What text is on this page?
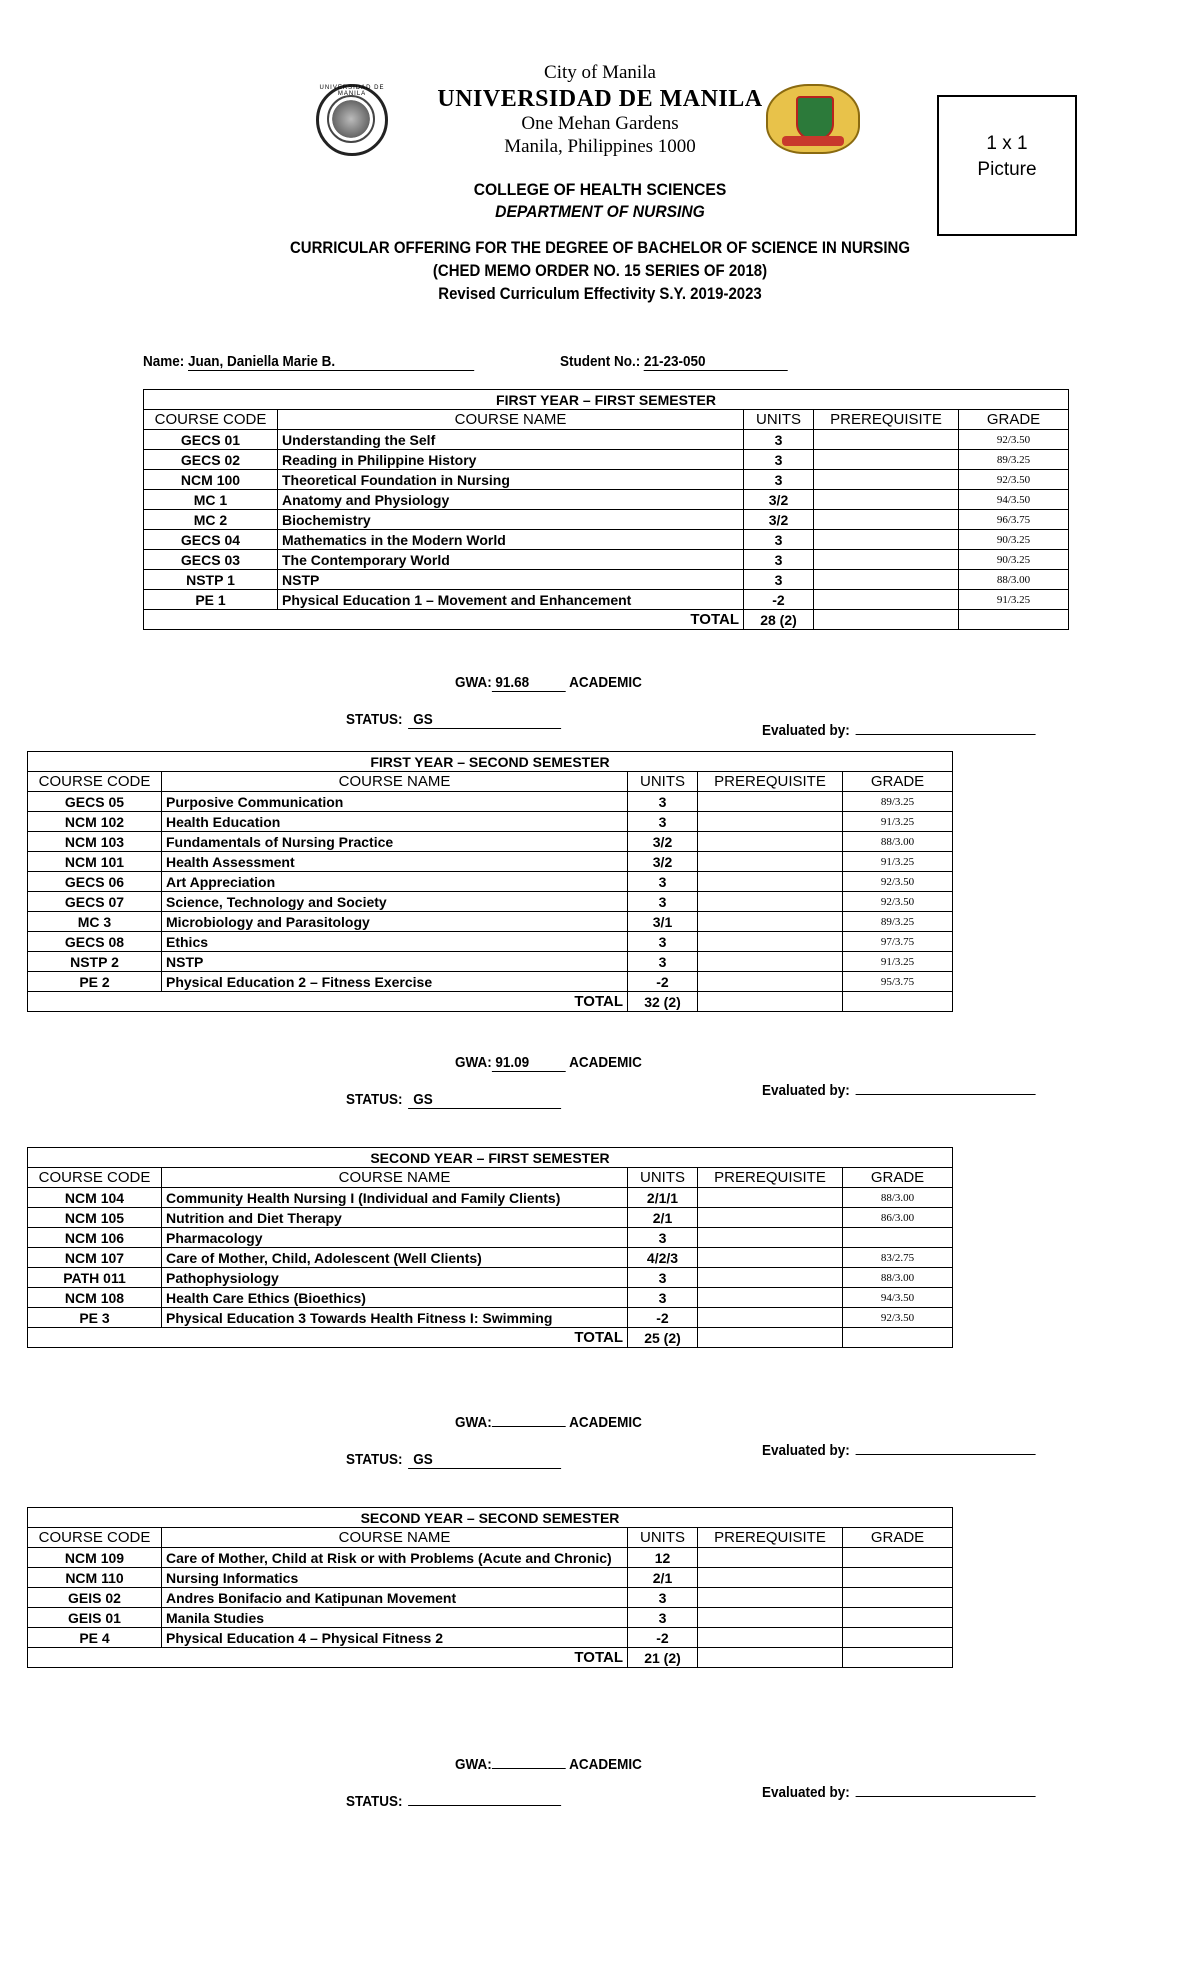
UNIVERSIDAD DE MANILA
City of Manila
UNIVERSIDAD DE MANILA
One Mehan Gardens
Manila, Philippines 1000
COLLEGE OF HEALTH SCIENCES
DEPARTMENT OF NURSING
CURRICULAR OFFERING FOR THE DEGREE OF BACHELOR OF SCIENCE IN NURSING
(CHED MEMO ORDER NO. 15 SERIES OF 2018)
Revised Curriculum Effectivity S.Y. 2019-2023
1 x 1
Picture
Name: Juan, Daniella Marie B.	Student No.: 21-23-050
FIRST YEAR – FIRST SEMESTER				
COURSE CODE	COURSE NAME	UNITS	PREREQUISITE	GRADE
GECS 01	Understanding the Self	3		92/3.50
GECS 02	Reading in Philippine History	3		89/3.25
NCM 100	Theoretical Foundation in Nursing	3		92/3.50
MC 1	Anatomy and Physiology	3/2		94/3.50
MC 2	Biochemistry	3/2		96/3.75
GECS 04	Mathematics in the Modern World	3		90/3.25
GECS 03	The Contemporary World	3		90/3.25
NSTP 1	NSTP	3		88/3.00
PE 1	Physical Education 1 – Movement and Enhancement	-2		91/3.25
TOTAL		28 (2)		
GWA: 91.68	ACADEMIC
STATUS: GS
Evaluated by:
FIRST YEAR – SECOND SEMESTER				
COURSE CODE	COURSE NAME	UNITS	PREREQUISITE	GRADE
GECS 05	Purposive Communication	3		89/3.25
NCM 102	Health Education	3		91/3.25
NCM 103	Fundamentals of Nursing Practice	3/2		88/3.00
NCM 101	Health Assessment	3/2		91/3.25
GECS 06	Art Appreciation	3		92/3.50
GECS 07	Science, Technology and Society	3		92/3.50
MC 3	Microbiology and Parasitology	3/1		89/3.25
GECS 08	Ethics	3		97/3.75
NSTP 2	NSTP	3		91/3.25
PE 2	Physical Education 2 – Fitness Exercise	-2		95/3.75
TOTAL		32 (2)		
GWA: 91.09	ACADEMIC
STATUS: GS
Evaluated by:
SECOND YEAR – FIRST SEMESTER				
COURSE CODE	COURSE NAME	UNITS	PREREQUISITE	GRADE
NCM 104	Community Health Nursing I (Individual and Family Clients)	2/1/1		88/3.00
NCM 105	Nutrition and Diet Therapy	2/1		86/3.00
NCM 106	Pharmacology	3		
NCM 107	Care of Mother, Child, Adolescent (Well Clients)	4/2/3		83/2.75
PATH 011	Pathophysiology	3		88/3.00
NCM 108	Health Care Ethics (Bioethics)	3		94/3.50
PE 3	Physical Education 3 Towards Health Fitness I: Swimming	-2		92/3.50
TOTAL		25 (2)		
GWA:	ACADEMIC
STATUS: GS
Evaluated by:
SECOND YEAR – SECOND SEMESTER				
COURSE CODE	COURSE NAME	UNITS	PREREQUISITE	GRADE
NCM 109	Care of Mother, Child at Risk or with Problems (Acute and Chronic)	12		
NCM 110	Nursing Informatics	2/1		
GEIS 02	Andres Bonifacio and Katipunan Movement	3		
GEIS 01	Manila Studies	3		
PE 4	Physical Education 4 – Physical Fitness 2	-2		
TOTAL		21 (2)		
GWA:	ACADEMIC
STATUS:
Evaluated by:
